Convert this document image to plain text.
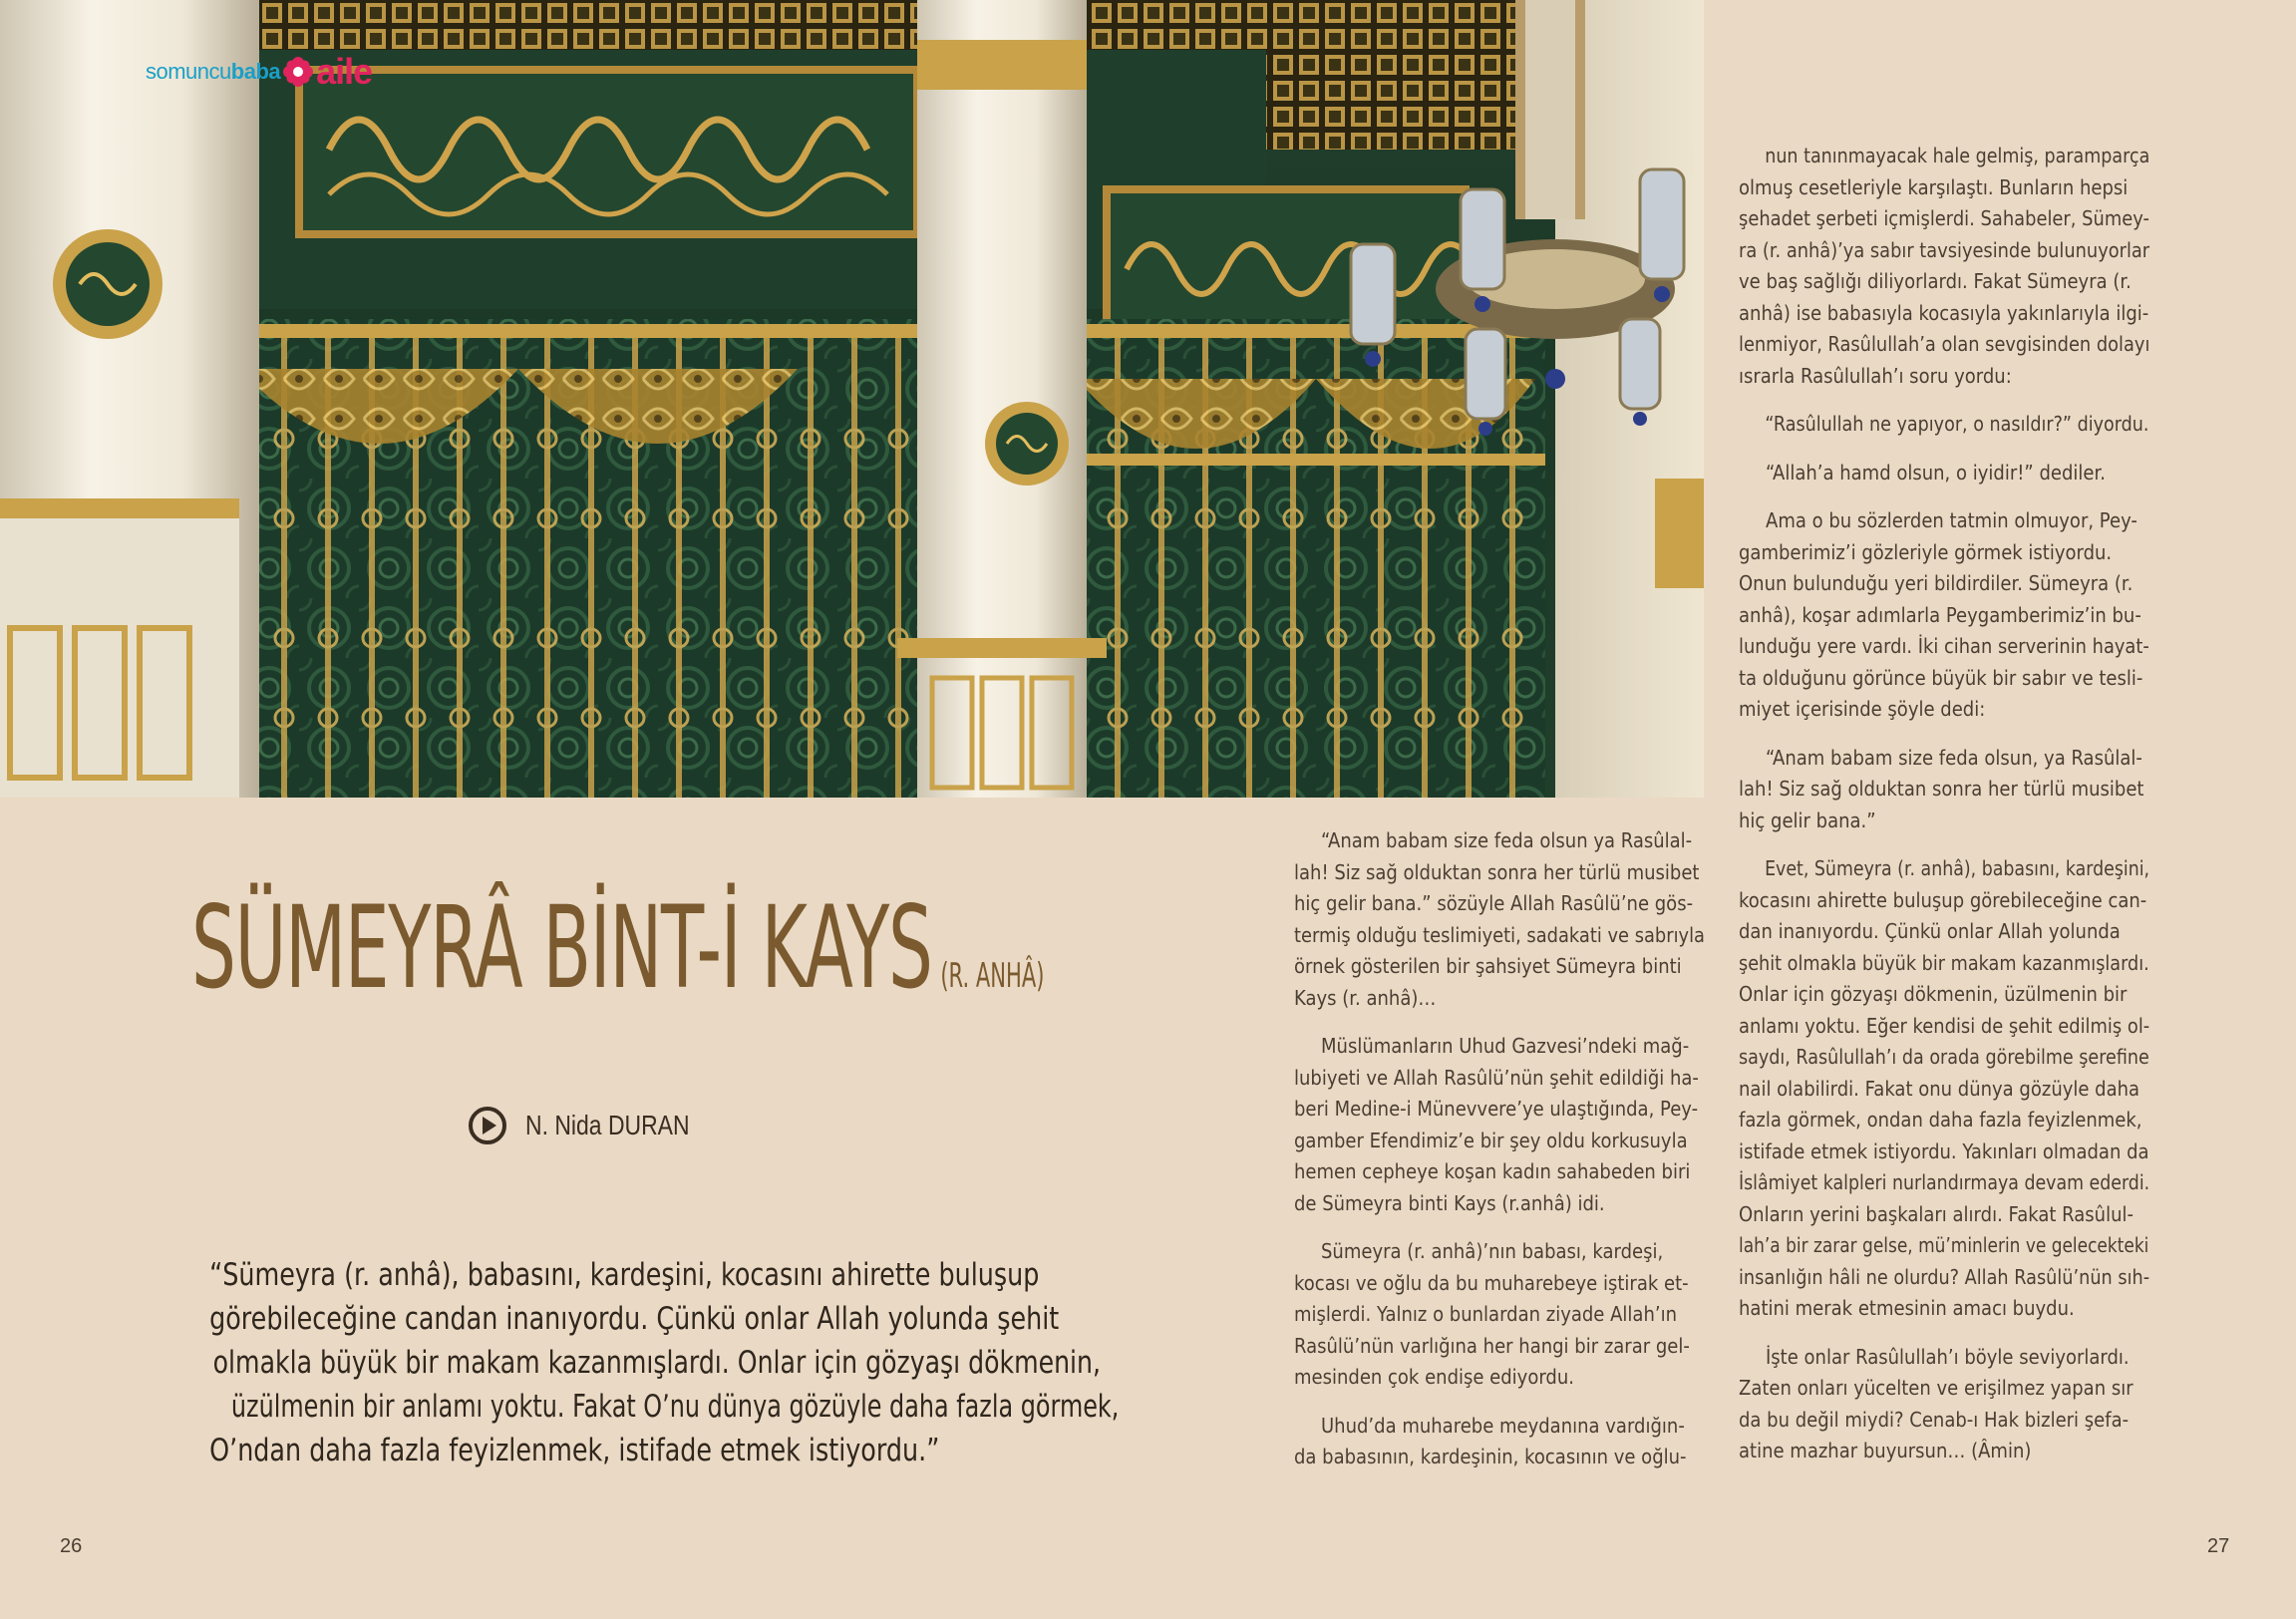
somuncu baba aile
SÜMEYRÂ BİNT-İ KAYS (R. ANHÂ)
N. Nida DURAN
“Sümeyra (r. anhâ), babasını, kardeşini, kocasını ahirette buluşup
görebileceğine candan inanıyordu. Çünkü onlar Allah yolunda şehit
olmakla büyük bir makam kazanmışlardı. Onlar için gözyaşı dökmenin,
üzülmenin bir anlamı yoktu. Fakat O’nu dünya gözüyle daha fazla görmek,
O’ndan daha fazla feyizlenmek, istifade etmek istiyordu.”
“Anam babam size feda olsun ya Rasûlal-
lah! Siz sağ olduktan sonra her türlü musibet
hiç gelir bana.” sözüyle Allah Rasûlü’ne gös-
termiş olduğu teslimiyeti, sadakati ve sabrıyla
örnek gösterilen bir şahsiyet Sümeyra binti
Kays (r. anhâ)…
Müslümanların Uhud Gazvesi’ndeki mağ-
lubiyeti ve Allah Rasûlü’nün şehit edildiği ha-
beri Medine-i Münevvere’ye ulaştığında, Pey-
gamber Efendimiz’e bir şey oldu korkusuyla
hemen cepheye koşan kadın sahabeden biri
de Sümeyra binti Kays (r.anhâ) idi.
Sümeyra (r. anhâ)’nın babası, kardeşi,
kocası ve oğlu da bu muharebeye iştirak et-
mişlerdi. Yalnız o bunlardan ziyade Allah’ın
Rasûlü’nün varlığına her hangi bir zarar gel-
mesinden çok endişe ediyordu.
Uhud’da muharebe meydanına vardığın-
da babasının, kardeşinin, kocasının ve oğlu-
nun tanınmayacak hale gelmiş, paramparça
olmuş cesetleriyle karşılaştı. Bunların hepsi
şehadet şerbeti içmişlerdi. Sahabeler, Sümey-
ra (r. anhâ)’ya sabır tavsiyesinde bulunuyorlar
ve baş sağlığı diliyorlardı. Fakat Sümeyra (r.
anhâ) ise babasıyla kocasıyla yakınlarıyla ilgi-
lenmiyor, Rasûlullah’a olan sevgisinden dolayı
ısrarla Rasûlullah’ı soru yordu:
“Rasûlullah ne yapıyor, o nasıldır?” diyordu.
“Allah’a hamd olsun, o iyidir!” dediler.
Ama o bu sözlerden tatmin olmuyor, Pey-
gamberimiz’i gözleriyle görmek istiyordu.
Onun bulunduğu yeri bildirdiler. Sümeyra (r.
anhâ), koşar adımlarla Peygamberimiz’in bu-
lunduğu yere vardı. İki cihan serverinin hayat-
ta olduğunu görünce büyük bir sabır ve tesli-
miyet içerisinde şöyle dedi:
“Anam babam size feda olsun, ya Rasûlal-
lah! Siz sağ olduktan sonra her türlü musibet
hiç gelir bana.”
Evet, Sümeyra (r. anhâ), babasını, kardeşini,
kocasını ahirette buluşup görebileceğine can-
dan inanıyordu. Çünkü onlar Allah yolunda
şehit olmakla büyük bir makam kazanmışlardı.
Onlar için gözyaşı dökmenin, üzülmenin bir
anlamı yoktu. Eğer kendisi de şehit edilmiş ol-
saydı, Rasûlullah’ı da orada görebilme şerefine
nail olabilirdi. Fakat onu dünya gözüyle daha
fazla görmek, ondan daha fazla feyizlenmek,
istifade etmek istiyordu. Yakınları olmadan da
İslâmiyet kalpleri nurlandırmaya devam ederdi.
Onların yerini başkaları alırdı. Fakat Rasûlul-
lah’a bir zarar gelse, mü’minlerin ve gelecekteki
insanlığın hâli ne olurdu? Allah Rasûlü’nün sıh-
hatini merak etmesinin amacı buydu.
İşte onlar Rasûlullah’ı böyle seviyorlardı.
Zaten onları yücelten ve erişilmez yapan sır
da bu değil miydi? Cenab-ı Hak bizleri şefa-
atine mazhar buyursun… (Âmin)
26	27
